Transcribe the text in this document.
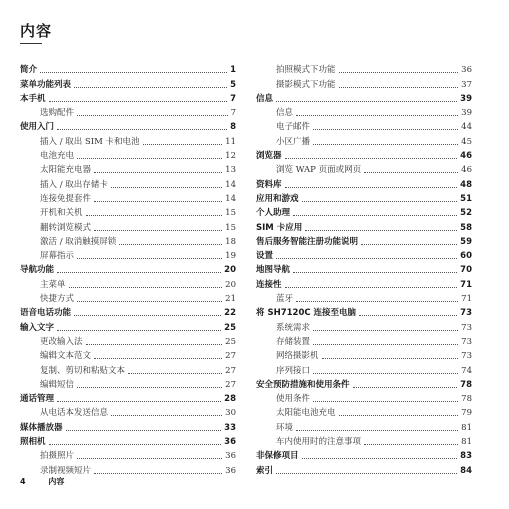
内容
简介	1
菜单功能列表	5
本手机	7
选购配件	7
使用入门	8
插入 / 取出 SIM 卡和电池	11
电池充电	12
太阳能充电器	13
插入 / 取出存储卡	14
连接免提套件	14
开机和关机	15
翻转浏览模式	15
激活 / 取消触摸屏锁	18
屏幕指示	19
导航功能	20
主菜单	20
快捷方式	21
语音电话功能	22
输入文字	25
更改输入法	25
编辑文本范文	27
复制、剪切和粘贴文本	27
编辑短信	27
通话管理	28
从电话本发送信息	30
媒体播放器	33
照相机	36
拍摄照片	36
录制视频短片	36
拍照模式下功能	36
摄影模式下功能	37
信息	39
信息	39
电子邮件	44
小区广播	45
浏览器	46
浏览 WAP 页面或网页	46
资料库	48
应用和游戏	51
个人助理	52
SIM 卡应用	58
售后服务智能注册功能说明	59
设置	60
地图导航	70
连接性	71
蓝牙	71
将 SH7120C 连接至电脑	73
系统需求	73
存储装置	73
网络摄影机	73
序列接口	74
安全预防措施和使用条件	78
使用条件	78
太阳能电池充电	79
环境	81
车内使用时的注意事项	81
非保修项目	83
索引	84
4	内容
